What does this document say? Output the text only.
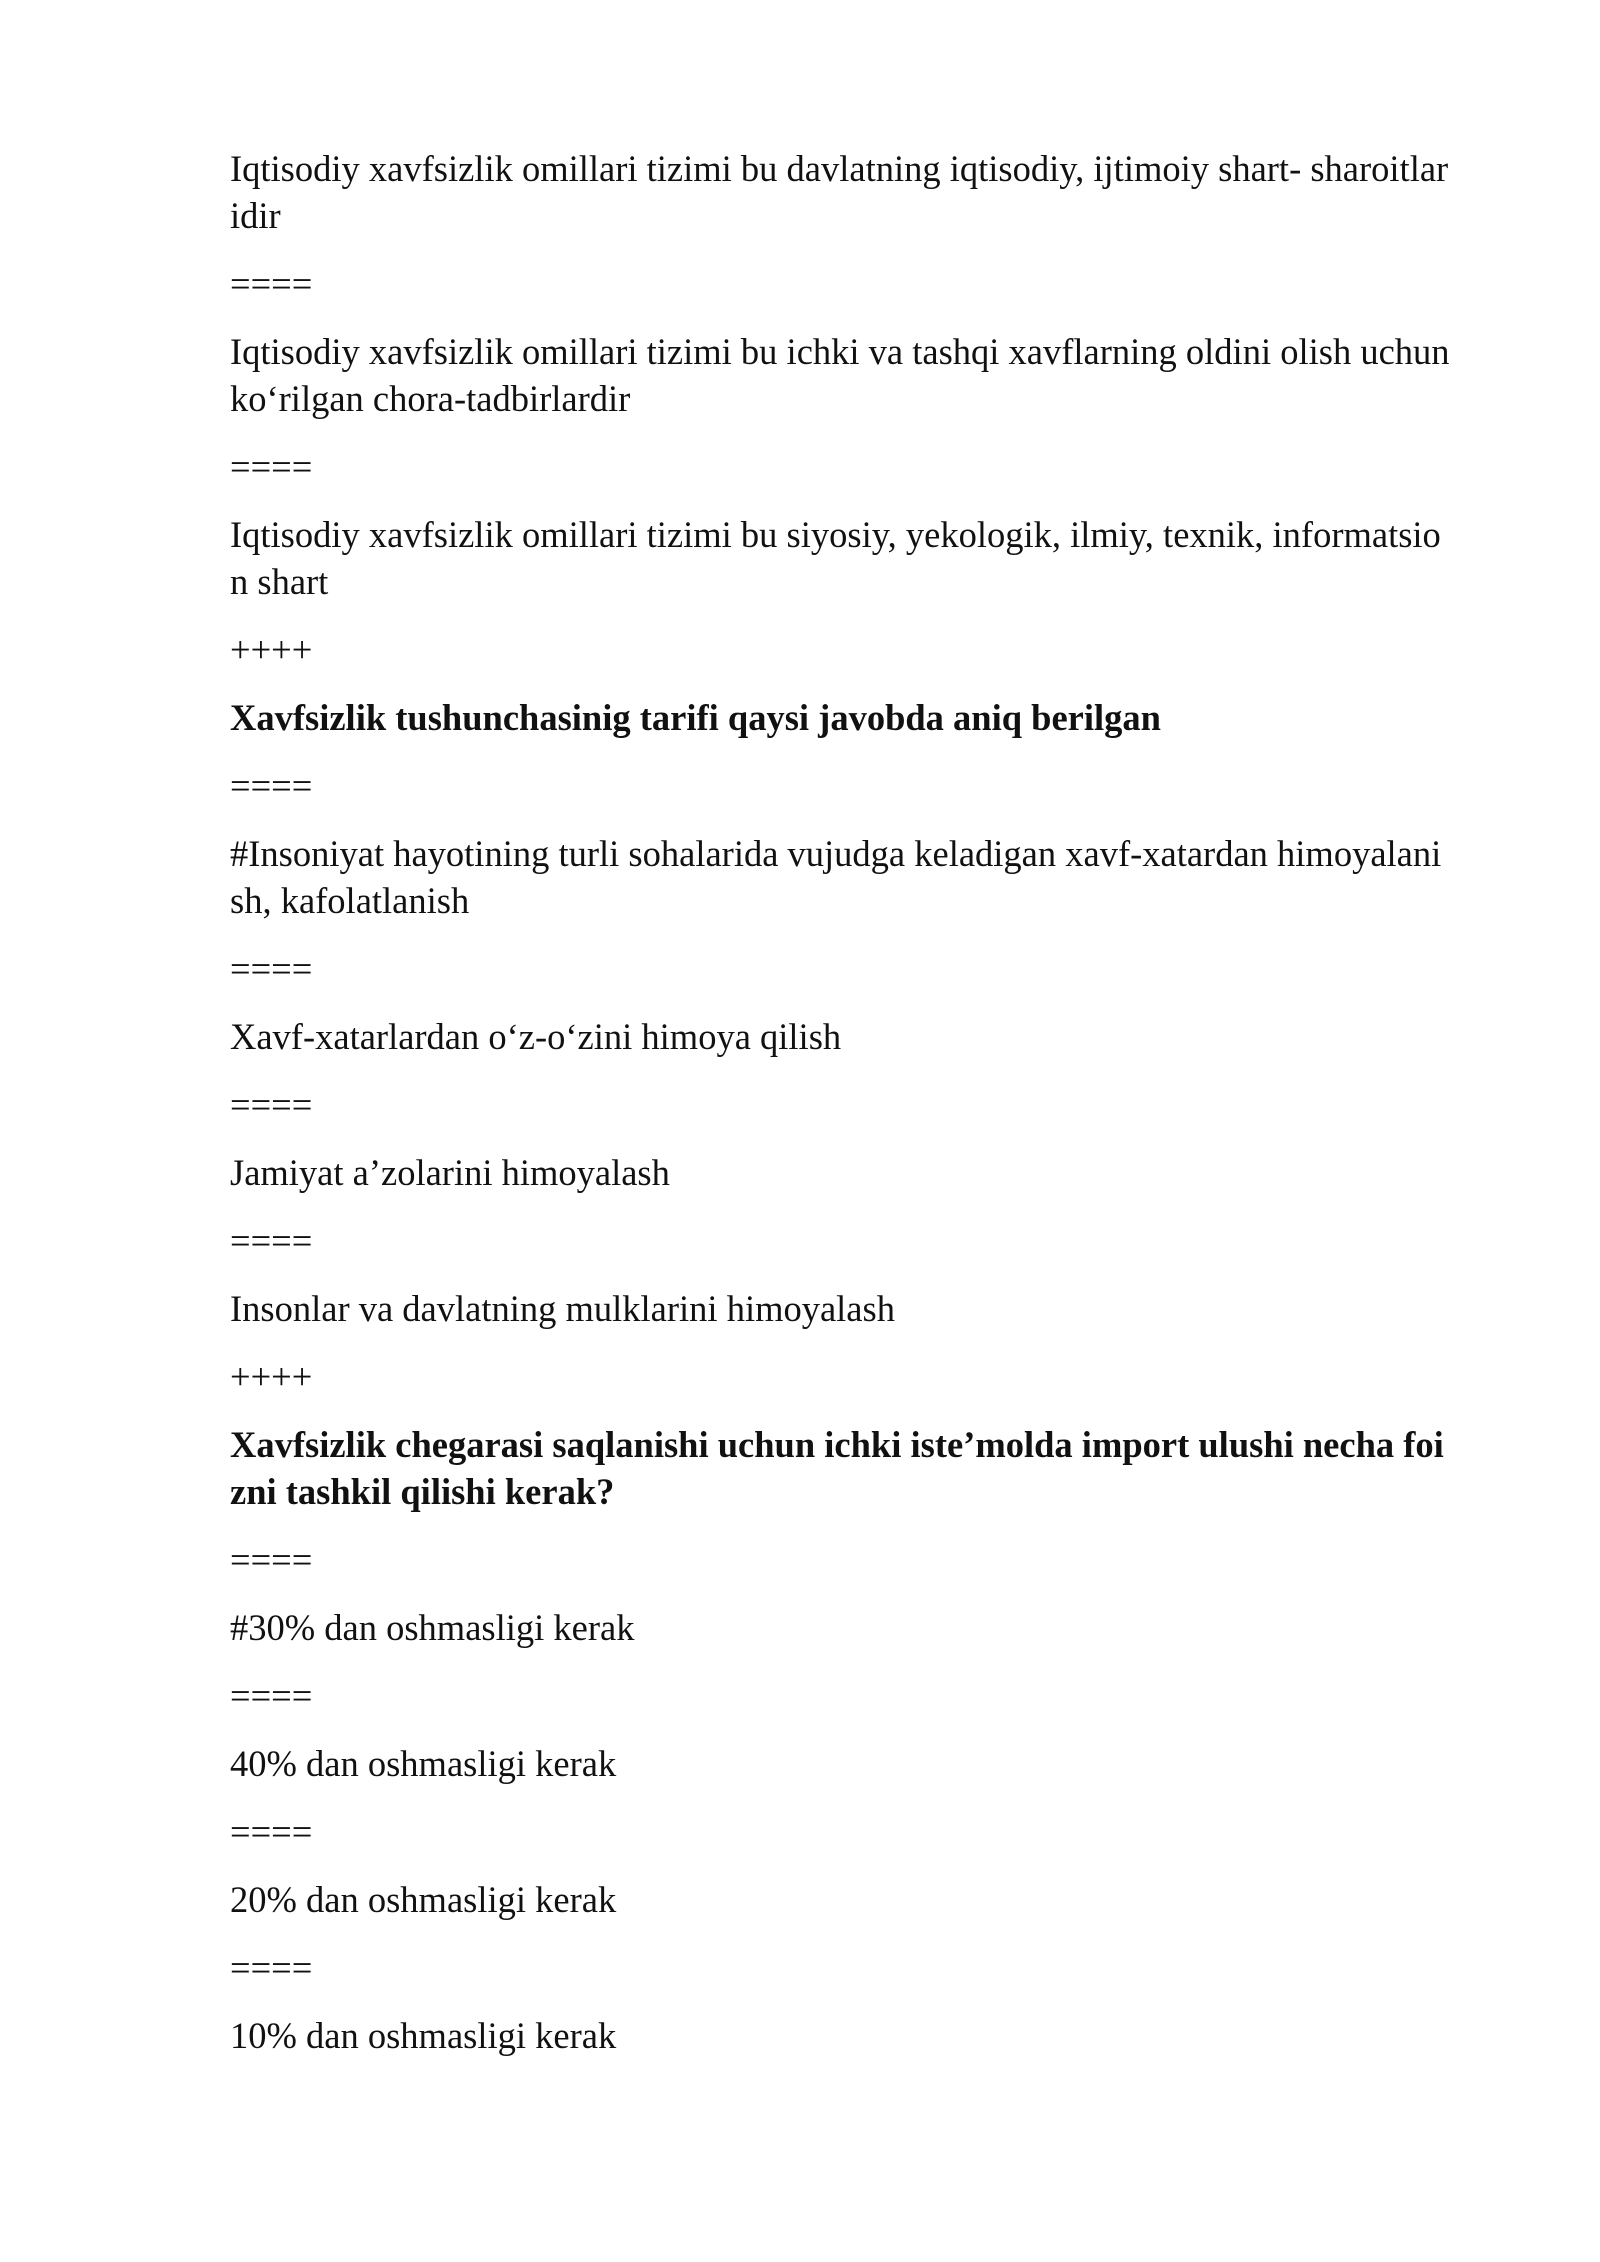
Iqtisodiy xavfsizlik omillari tizimi bu davlatning iqtisodiy, ijtimoiy shart- sharoitlar

idir

====

Iqtisodiy xavfsizlik omillari tizimi bu ichki va tashqi xavflarning oldini olish uchun

ko‘rilgan chora-tadbirlardir

====

Iqtisodiy xavfsizlik omillari tizimi bu siyosiy, yekologik, ilmiy, texnik, informatsio

n shart

++++

Xavfsizlik tushunchasinig tarifi qaysi javobda aniq berilgan

====

#Insoniyat hayotining turli sohalarida vujudga keladigan xavf-xatardan himoyalani

sh, kafolatlanish

====

Xavf-xatarlardan o‘z-o‘zini himoya qilish

====

Jamiyat a’zolarini himoyalash

====

Insonlar va davlatning mulklarini himoyalash

++++

Xavfsizlik chegarasi saqlanishi uchun ichki iste’molda import ulushi necha foi

zni tashkil qilishi kerak?

====

#30% dan oshmasligi kerak

====

40% dan oshmasligi kerak

====

20% dan oshmasligi kerak

====

10% dan oshmasligi kerak
